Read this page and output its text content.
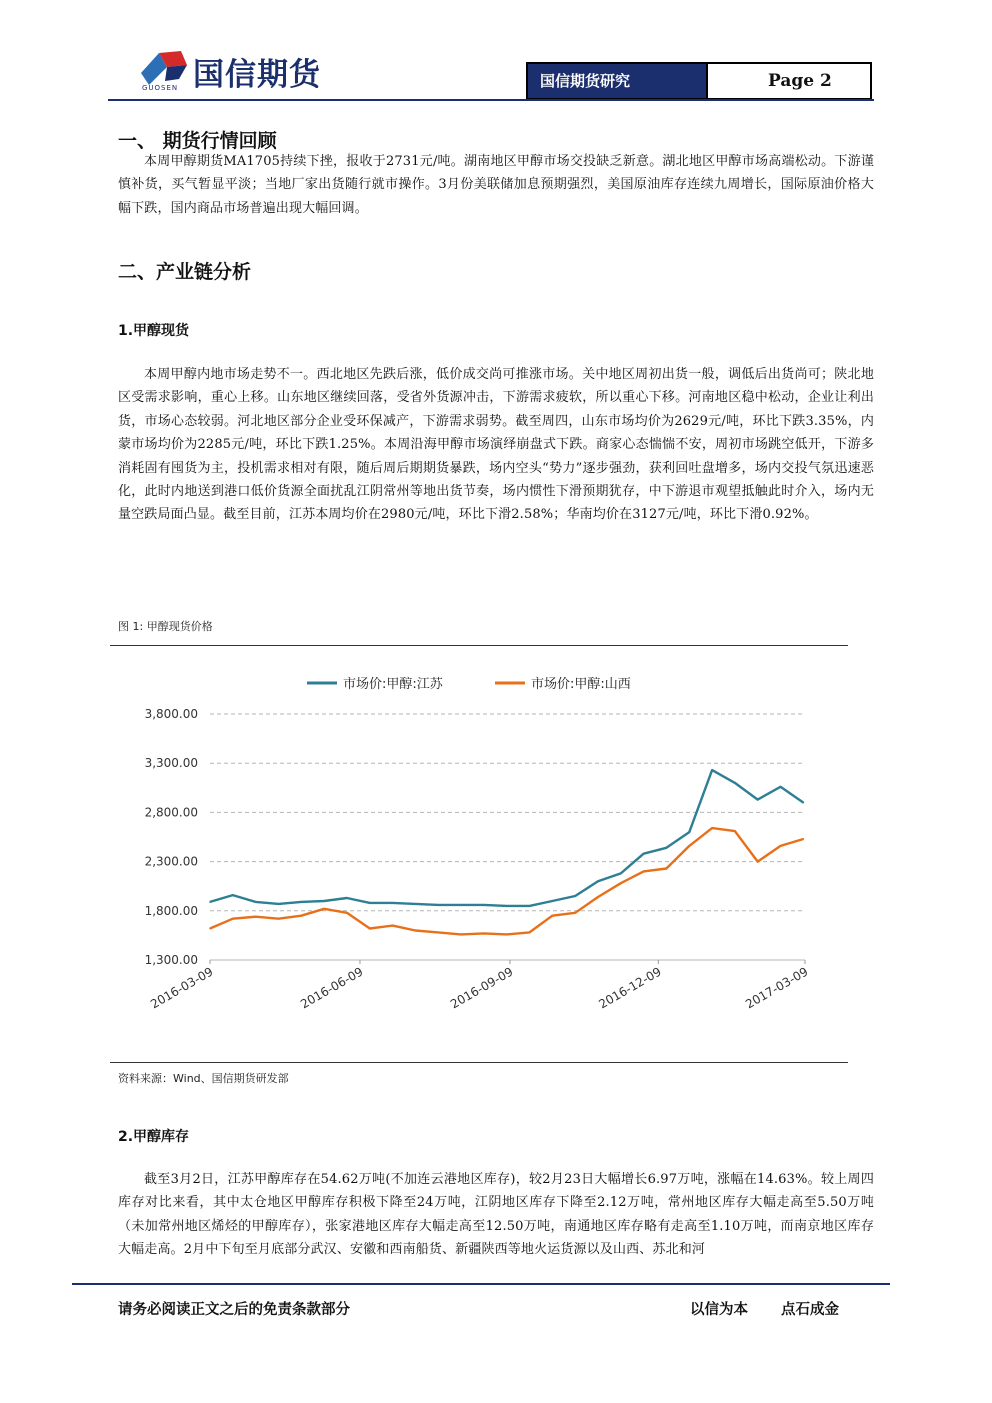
国信期货
GUOSEN	国信期货研究	Page 2
一、 期货行情回顾
本周甲醇期货MA1705持续下挫，报收于2731元/吨。湖南地区甲醇市场交投缺乏新意。湖北地区甲醇市场高端松动。下游谨慎补货，买气暂显平淡；当地厂家出货随行就市操作。3月份美联储加息预期强烈，美国原油库存连续九周增长，国际原油价格大幅下跌，国内商品市场普遍出现大幅回调。
二、产业链分析
1.甲醇现货
本周甲醇内地市场走势不一。西北地区先跌后涨，低价成交尚可推涨市场。关中地区周初出货一般，调低后出货尚可；陕北地区受需求影响，重心上移。山东地区继续回落，受省外货源冲击，下游需求疲软，所以重心下移。河南地区稳中松动，企业让利出货，市场心态较弱。河北地区部分企业受环保减产，下游需求弱势。截至周四，山东市场均价为2629元/吨，环比下跌3.35%，内蒙市场均价为2285元/吨，环比下跌1.25%。本周沿海甲醇市场演绎崩盘式下跌。商家心态惴惴不安，周初市场跳空低开，下游多消耗固有囤货为主，投机需求相对有限，随后周后期期货暴跌，场内空头“势力”逐步强劲，获利回吐盘增多，场内交投气氛迅速恶化，此时内地送到港口低价货源全面扰乱江阴常州等地出货节奏，场内惯性下滑预期犹存，中下游退市观望抵触此时介入，场内无量空跌局面凸显。截至目前，江苏本周均价在2980元/吨，环比下滑2.58%；华南均价在3127元/吨，环比下滑0.92%。
图 1: 甲醇现货价格
1,300.00
1,800.00
2,300.00
2,800.00
3,300.00
3,800.00
2016-03-09	2016-06-09	2016-09-09	2016-12-09	2017-03-09
市场价:甲醇:江苏	市场价:甲醇:山西
资料来源：Wind、国信期货研发部
2.甲醇库存
截至3月2日，江苏甲醇库存在54.62万吨(不加连云港地区库存)，较2月23日大幅增长6.97万吨，涨幅在14.63%。较上周四库存对比来看，其中太仓地区甲醇库存积极下降至24万吨，江阴地区库存下降至2.12万吨，常州地区库存大幅走高至5.50万吨（未加常州地区烯烃的甲醇库存），张家港地区库存大幅走高至12.50万吨，南通地区库存略有走高至1.10万吨，而南京地区库存大幅走高。2月中下旬至月底部分武汉、安徽和西南船货、新疆陕西等地火运货源以及山西、苏北和河
请务必阅读正文之后的免责条款部分	以信为本 点石成金
